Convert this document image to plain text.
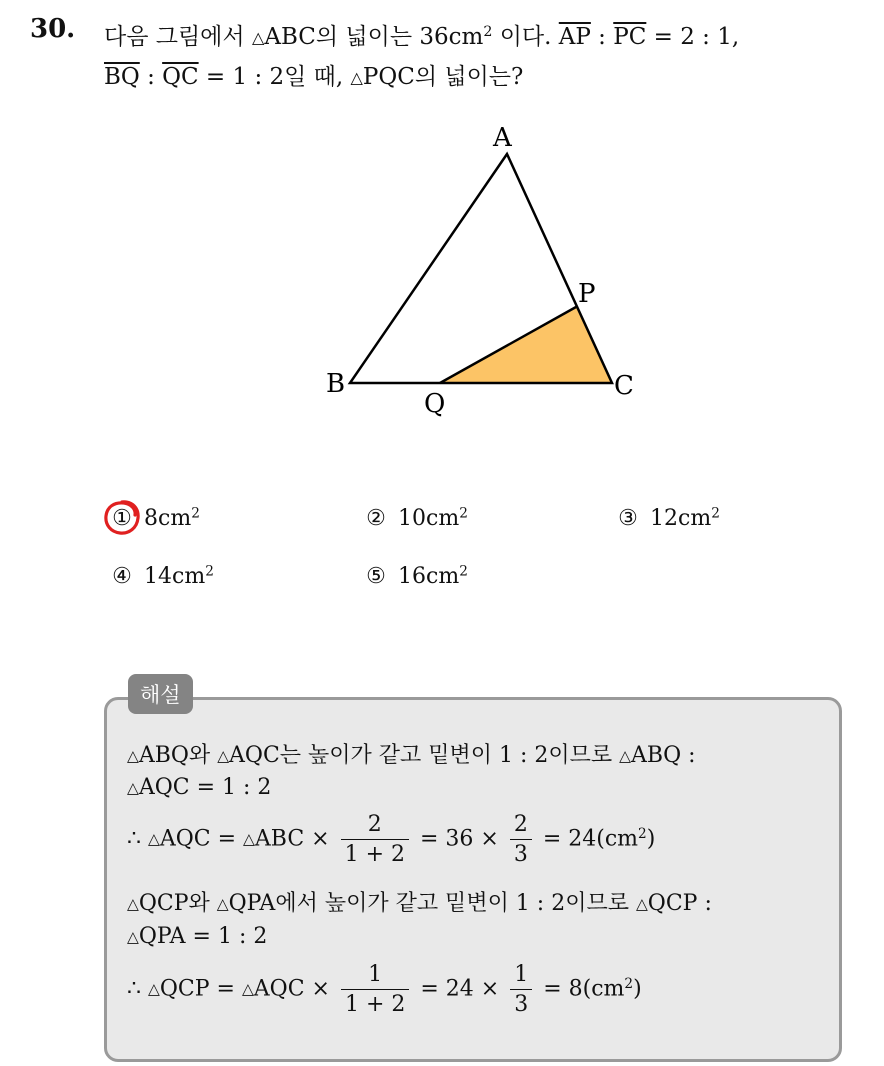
30. 다음 그림에서 △ABC의 넓이는 $36cm^2$ 이다. $\overline{AP}$ : $\overline{PC} = 2$ : 1,
$\overline{BQ}$ : $\overline{QC} = 1$ : 2일 때, △PQC의 넓이는?
A
B	C
P
Q
① $8cm^2$	② $10cm^2$	③ $12cm^2$
④ $14cm^2$	⑤ $16cm^2$
해설
△ABQ와 △AQC는 높이가 같고 밑변이 1 : 2이므로 △ABQ :
△AQC = 1 : 2
∴ △AQC = △ABC × $\frac{2}{1 + 2} = 36 \times \frac{2}{3} = 24(cm^2)$
△QCP와 △QPA에서 높이가 같고 밑변이 1 : 2이므로 △QCP :
△QPA = 1 : 2
∴ △QCP = △AQC × $\frac{1}{1 + 2} = 24 \times \frac{1}{3} = 8(cm^2)$
